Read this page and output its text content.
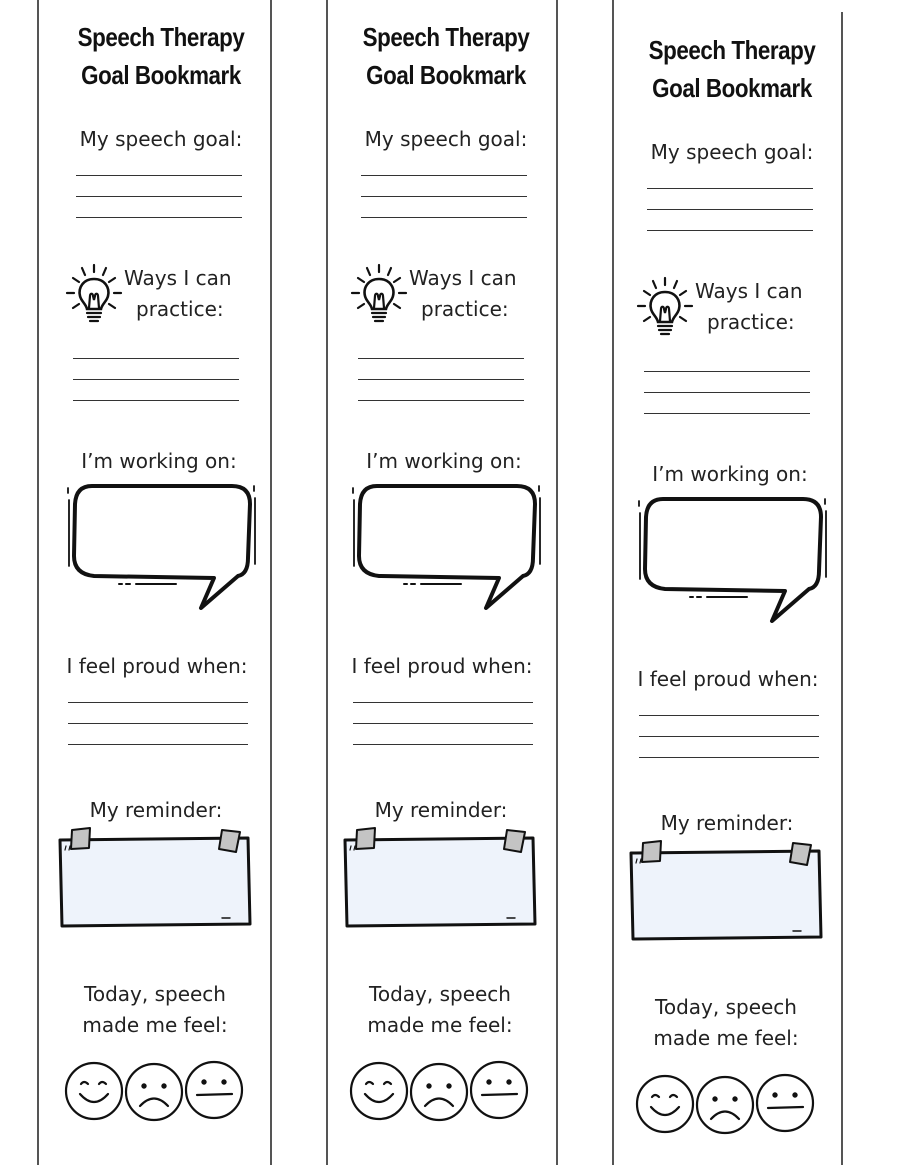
Speech Therapy
Goal Bookmark
My speech goal:
Ways I can
practice:
I’m working on:
I feel proud when:
My reminder:
Today, speech
made me feel:
Speech Therapy
Goal Bookmark
My speech goal:
Ways I can
practice:
I’m working on:
I feel proud when:
My reminder:
Today, speech
made me feel:
Speech Therapy
Goal Bookmark
My speech goal:
Ways I can
practice:
I’m working on:
I feel proud when:
My reminder:
Today, speech
made me feel:
